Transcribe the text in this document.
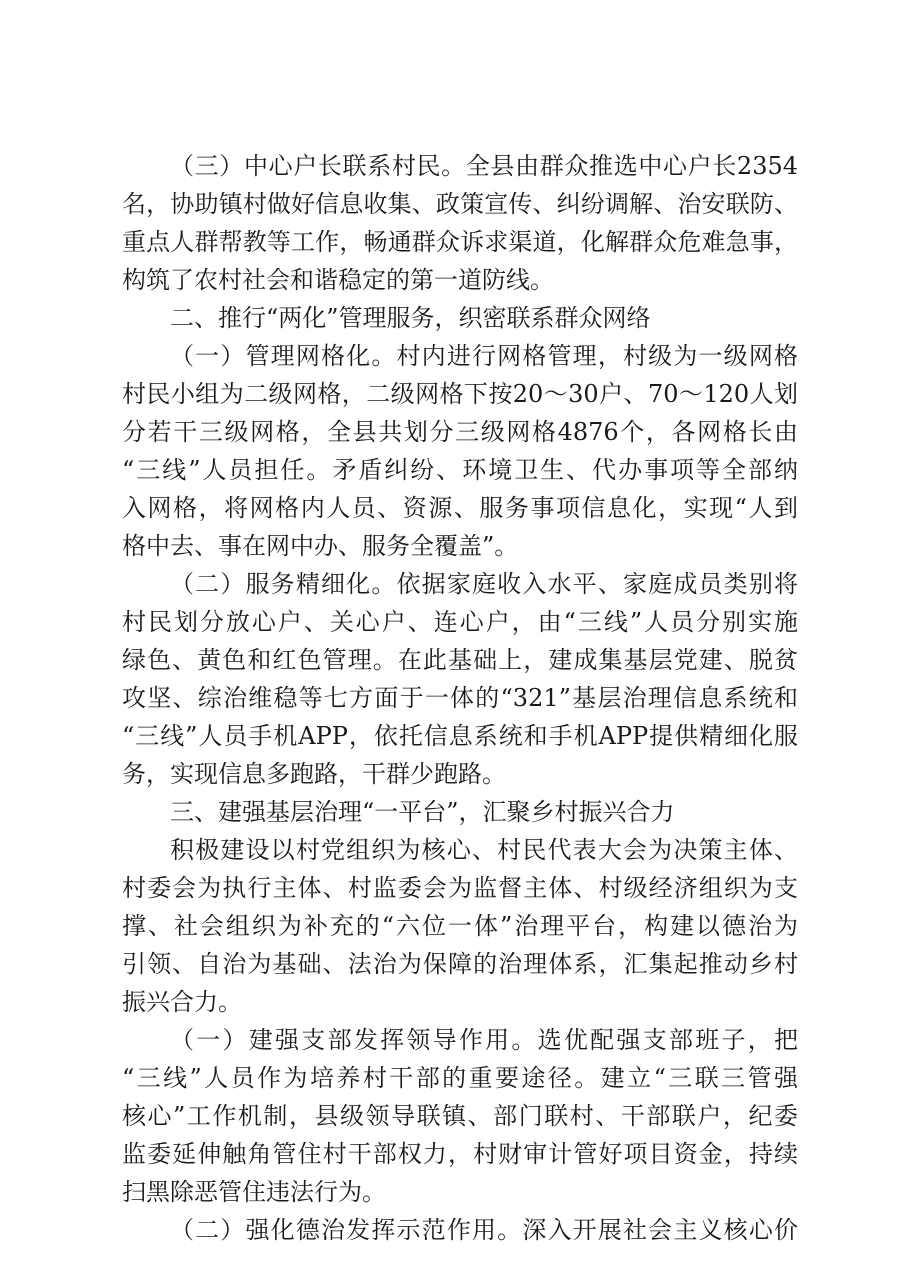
（三）中心户长联系村民。全县由群众推选中心户长2354
名，协助镇村做好信息收集、政策宣传、纠纷调解、治安联防、
重点人群帮教等工作，畅通群众诉求渠道，化解群众危难急事，
构筑了农村社会和谐稳定的第一道防线。
二、推行“两化”管理服务，织密联系群众网络
（一）管理网格化。村内进行网格管理，村级为一级网格
村民小组为二级网格，二级网格下按20～30户、70～120人划
分若干三级网格，全县共划分三级网格4876个，各网格长由
“三线”人员担任。矛盾纠纷、环境卫生、代办事项等全部纳
入网格，将网格内人员、资源、服务事项信息化，实现“人到
格中去、事在网中办、服务全覆盖”。
（二）服务精细化。依据家庭收入水平、家庭成员类别将
村民划分放心户、关心户、连心户，由“三线”人员分别实施
绿色、黄色和红色管理。在此基础上，建成集基层党建、脱贫
攻坚、综治维稳等七方面于一体的“321”基层治理信息系统和
“三线”人员手机APP，依托信息系统和手机APP提供精细化服
务，实现信息多跑路，干群少跑路。
三、建强基层治理“一平台”，汇聚乡村振兴合力
积极建设以村党组织为核心、村民代表大会为决策主体、
村委会为执行主体、村监委会为监督主体、村级经济组织为支
撑、社会组织为补充的“六位一体”治理平台，构建以德治为
引领、自治为基础、法治为保障的治理体系，汇集起推动乡村
振兴合力。
（一）建强支部发挥领导作用。选优配强支部班子，把
“三线”人员作为培养村干部的重要途径。建立“三联三管强
核心”工作机制，县级领导联镇、部门联村、干部联户，纪委
监委延伸触角管住村干部权力，村财审计管好项目资金，持续
扫黑除恶管住违法行为。
（二）强化德治发挥示范作用。深入开展社会主义核心价
